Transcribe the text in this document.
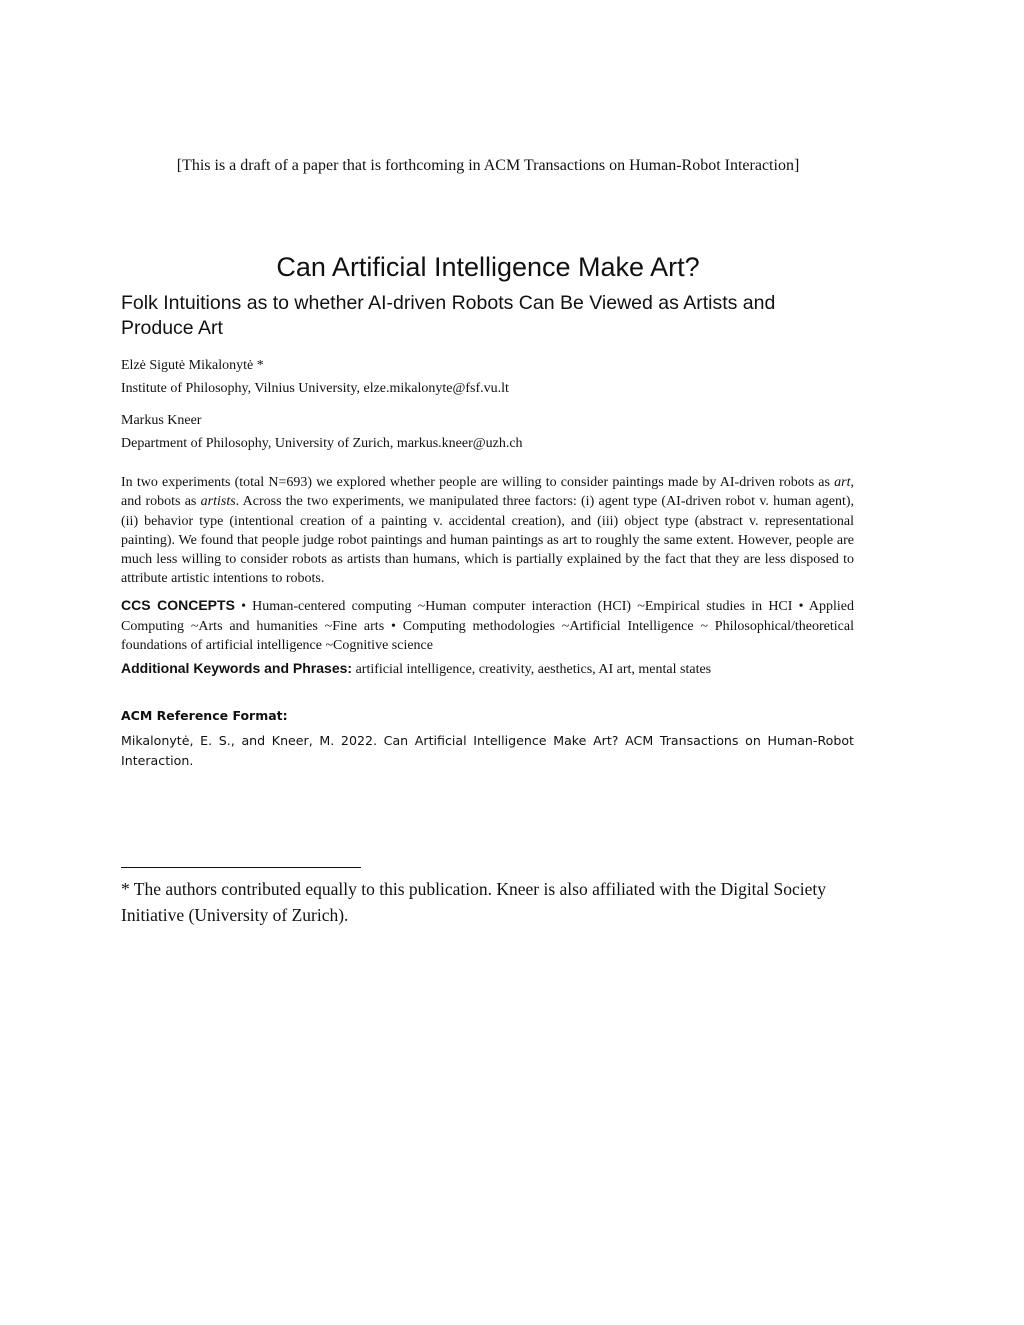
[This is a draft of a paper that is forthcoming in ACM Transactions on Human-Robot Interaction]
Can Artificial Intelligence Make Art?
Folk Intuitions as to whether AI-driven Robots Can Be Viewed as Artists and Produce Art
Elzė Sigutė Mikalonytė *
Institute of Philosophy, Vilnius University, elze.mikalonyte@fsf.vu.lt
Markus Kneer
Department of Philosophy, University of Zurich, markus.kneer@uzh.ch

In two experiments (total N=693) we explored whether people are willing to consider paintings made by AI-driven robots as art, and robots as artists. Across the two experiments, we manipulated three factors: (i) agent type (AI-driven robot v. human agent), (ii) behavior type (intentional creation of a painting v. accidental creation), and (iii) object type (abstract v. representational painting). We found that people judge robot paintings and human paintings as art to roughly the same extent. However, people are much less willing to consider robots as artists than humans, which is partially explained by the fact that they are less disposed to attribute artistic intentions to robots.

CCS CONCEPTS • Human-centered computing ~Human computer interaction (HCI) ~Empirical studies in HCI • Applied Computing ~Arts and humanities ~Fine arts • Computing methodologies ~Artificial Intelligence ~ Philosophical/theoretical foundations of artificial intelligence ~Cognitive science

Additional Keywords and Phrases: artificial intelligence, creativity, aesthetics, AI art, mental states

ACM Reference Format:

Mikalonytė, E. S., and Kneer, M. 2022. Can Artificial Intelligence Make Art? ACM Transactions on Human-Robot Interaction.

* The authors contributed equally to this publication. Kneer is also affiliated with the Digital Society Initiative (University of Zurich).
